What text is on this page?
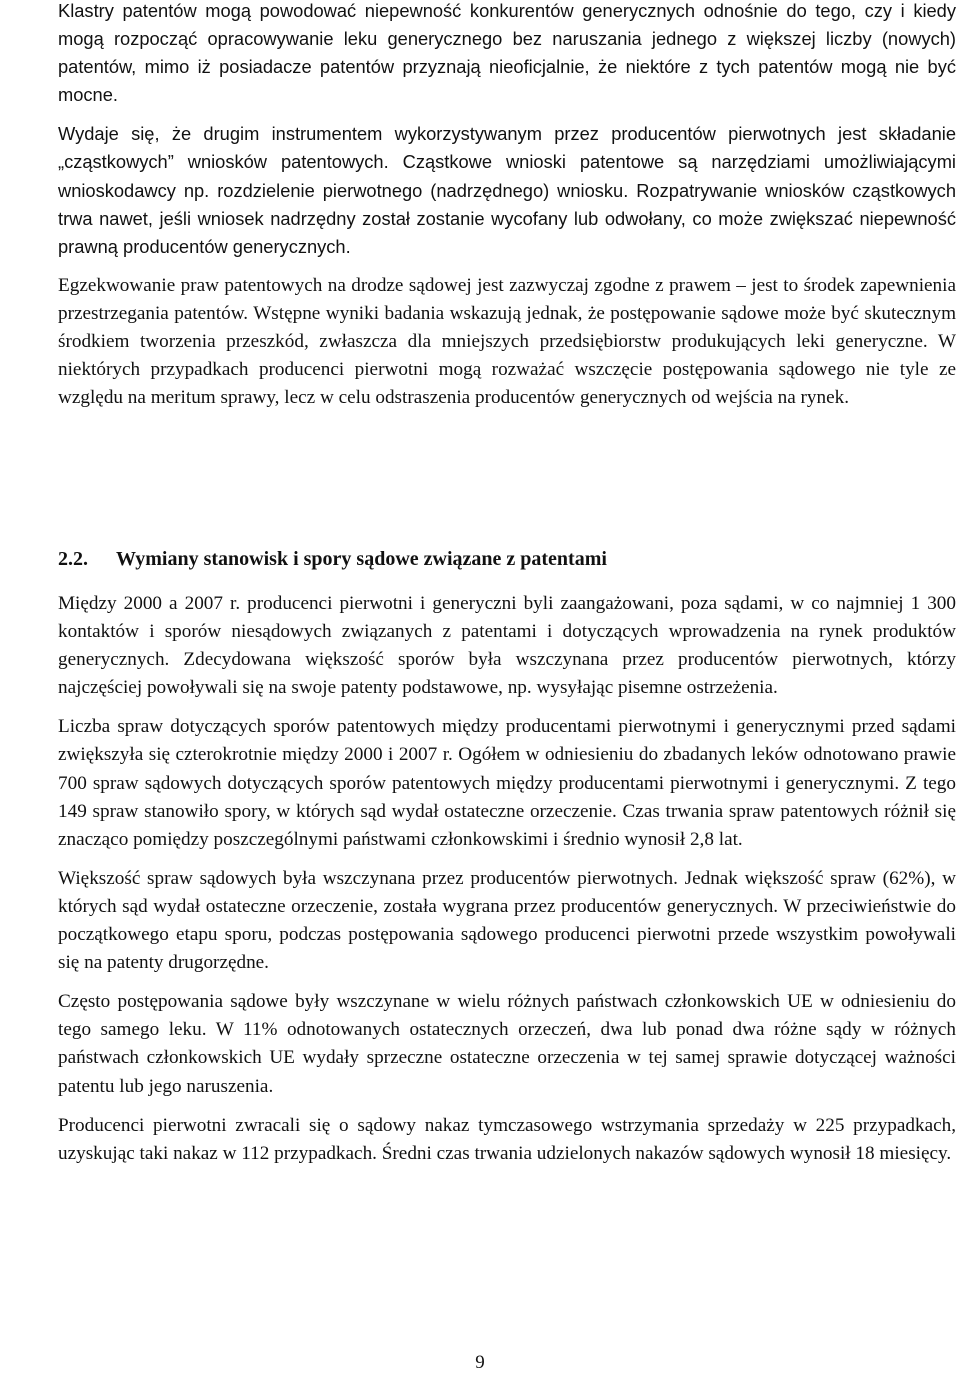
Klastry patentów mogą powodować niepewność konkurentów generycznych odnośnie do tego, czy i kiedy mogą rozpocząć opracowywanie leku generycznego bez naruszania jednego z większej liczby (nowych) patentów, mimo iż posiadacze patentów przyznają nieoficjalnie, że niektóre z tych patentów mogą nie być mocne.

Wydaje się, że drugim instrumentem wykorzystywanym przez producentów pierwotnych jest składanie „cząstkowych” wniosków patentowych. Cząstkowe wnioski patentowe są narzędziami umożliwiającymi wnioskodawcy np. rozdzielenie pierwotnego (nadrzędnego) wniosku. Rozpatrywanie wniosków cząstkowych trwa nawet, jeśli wniosek nadrzędny został zostanie wycofany lub odwołany, co może zwiększać niepewność prawną producentów generycznych.

Egzekwowanie praw patentowych na drodze sądowej jest zazwyczaj zgodne z prawem – jest to środek zapewnienia przestrzegania patentów. Wstępne wyniki badania wskazują jednak, że postępowanie sądowe może być skutecznym środkiem tworzenia przeszkód, zwłaszcza dla mniejszych przedsiębiorstw produkujących leki generyczne. W niektórych przypadkach producenci pierwotni mogą rozważać wszczęcie postępowania sądowego nie tyle ze względu na meritum sprawy, lecz w celu odstraszenia producentów generycznych od wejścia na rynek.

2.2. Wymiany stanowisk i spory sądowe związane z patentami

Między 2000 a 2007 r. producenci pierwotni i generyczni byli zaangażowani, poza sądami, w co najmniej 1 300 kontaktów i sporów niesądowych związanych z patentami i dotyczących wprowadzenia na rynek produktów generycznych. Zdecydowana większość sporów była wszczynana przez producentów pierwotnych, którzy najczęściej powoływali się na swoje patenty podstawowe, np. wysyłając pisemne ostrzeżenia.

Liczba spraw dotyczących sporów patentowych między producentami pierwotnymi i generycznymi przed sądami zwiększyła się czterokrotnie między 2000 i 2007 r. Ogółem w odniesieniu do zbadanych leków odnotowano prawie 700 spraw sądowych dotyczących sporów patentowych między producentami pierwotnymi i generycznymi. Z tego 149 spraw stanowiło spory, w których sąd wydał ostateczne orzeczenie. Czas trwania spraw patentowych różnił się znacząco pomiędzy poszczególnymi państwami członkowskimi i średnio wynosił 2,8 lat.

Większość spraw sądowych była wszczynana przez producentów pierwotnych. Jednak większość spraw (62%), w których sąd wydał ostateczne orzeczenie, została wygrana przez producentów generycznych. W przeciwieństwie do początkowego etapu sporu, podczas postępowania sądowego producenci pierwotni przede wszystkim powoływali się na patenty drugorzędne.

Często postępowania sądowe były wszczynane w wielu różnych państwach członkowskich UE w odniesieniu do tego samego leku. W 11% odnotowanych ostatecznych orzeczeń, dwa lub ponad dwa różne sądy w różnych państwach członkowskich UE wydały sprzeczne ostateczne orzeczenia w tej samej sprawie dotyczącej ważności patentu lub jego naruszenia.

Producenci pierwotni zwracali się o sądowy nakaz tymczasowego wstrzymania sprzedaży w 225 przypadkach, uzyskując taki nakaz w 112 przypadkach. Średni czas trwania udzielonych nakazów sądowych wynosił 18 miesięcy.

9
